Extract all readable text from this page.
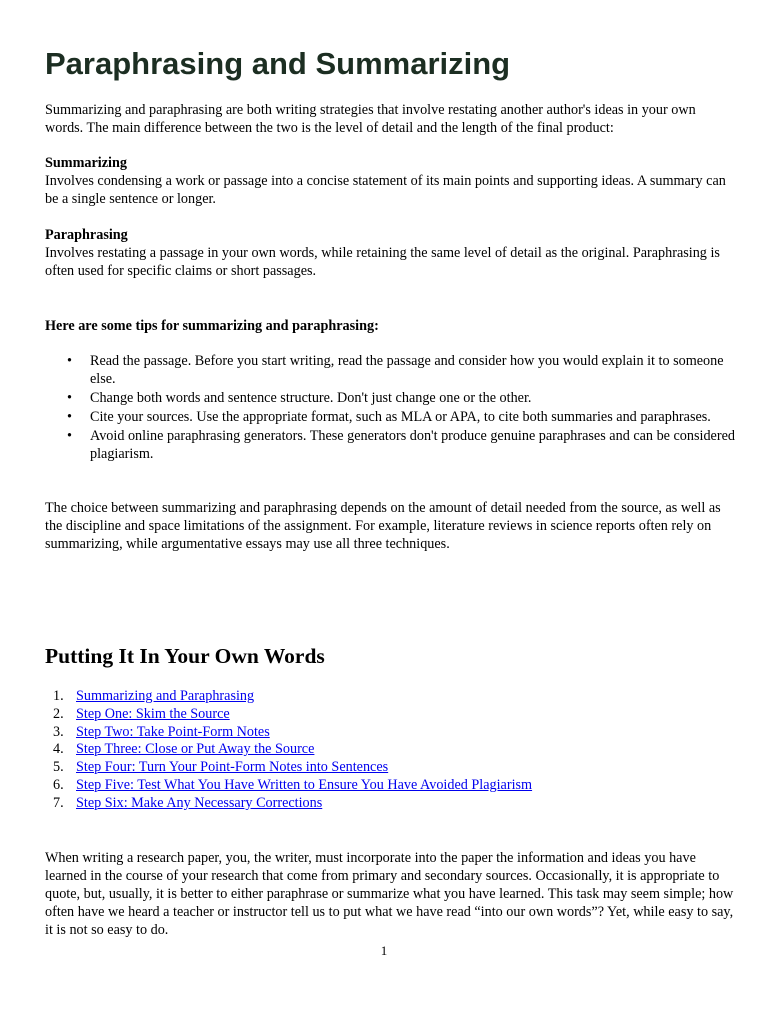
Paraphrasing and Summarizing

Summarizing and paraphrasing are both writing strategies that involve restating another author's ideas in your own words. The main difference between the two is the level of detail and the length of the final product:

Summarizing

Involves condensing a work or passage into a concise statement of its main points and supporting ideas. A summary can be a single sentence or longer.

Paraphrasing

Involves restating a passage in your own words, while retaining the same level of detail as the original. Paraphrasing is often used for specific claims or short passages.

Here are some tips for summarizing and paraphrasing:

• Read the passage. Before you start writing, read the passage and consider how you would explain it to someone else.
• Change both words and sentence structure. Don't just change one or the other.
• Cite your sources. Use the appropriate format, such as MLA or APA, to cite both summaries and paraphrases.
• Avoid online paraphrasing generators. These generators don't produce genuine paraphrases and can be considered plagiarism.

The choice between summarizing and paraphrasing depends on the amount of detail needed from the source, as well as the discipline and space limitations of the assignment. For example, literature reviews in science reports often rely on summarizing, while argumentative essays may use all three techniques.

Putting It In Your Own Words
1. Summarizing and Paraphrasing
2. Step One: Skim the Source
3. Step Two: Take Point-Form Notes
4. Step Three: Close or Put Away the Source
5. Step Four: Turn Your Point-Form Notes into Sentences
6. Step Five: Test What You Have Written to Ensure You Have Avoided Plagiarism
7. Step Six: Make Any Necessary Corrections

When writing a research paper, you, the writer, must incorporate into the paper the information and ideas you have learned in the course of your research that come from primary and secondary sources. Occasionally, it is appropriate to quote, but, usually, it is better to either paraphrase or summarize what you have learned. This task may seem simple; how often have we heard a teacher or instructor tell us to put what we have read “into our own words”? Yet, while easy to say, it is not so easy to do.

1
